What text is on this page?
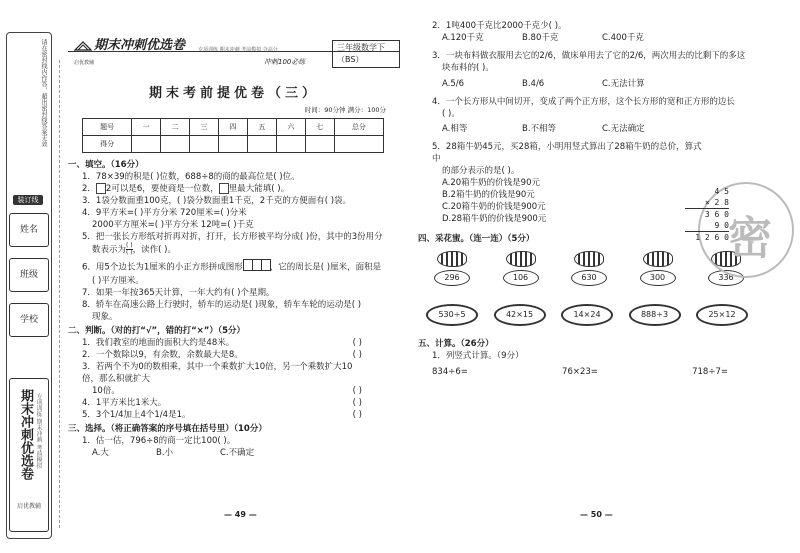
请在密封线内作答，超出密封线答案无效
装订线
姓名
班级
学校
期末冲刺优选卷 专项训练 期末冲刺 考前模拟
启优教辅
期末冲刺优选卷
启优教辅
专项训练 期末冲刺 考前模拟 夺高分	三年级数学下（BS）
冲刺100必练
期末考前提优卷（三）
时间：90分钟 满分：100分
题号	一	二	三	四	五	六	七	总分
得分								
一、填空。（16分）
1．78×39的积是( )位数，688÷8的商的最高位是( )位。
2． 2可以是6，要使商是一位数， 里最大能填( )。
3．1袋分数面重100克，( )袋分数面重1千克，2千克的方便面有( )袋。
4．9平方米=( )平方分米 720厘米=( )分米
2000平方厘米=( )平方分米 12吨=( )千克
5．把一张长方形纸对折再对折，打开，长方形被平均分成( )份，其中的3份用分
数表示为 ( )
( )，读作( )。
6．用5个边长为1厘米的小正方形拼成图形	，它的周长是( )厘米，面积是
( )平方厘米。
7．如果一年按365天计算，一年大约有( )个星期。
8．轿车在高速公路上行驶时，轿车的运动是( )现象，轿车车轮的运动是( )
现象。
二、判断。（对的打“√”，错的打“×”）（5分）
1．我们教室的地面的面积大约是48米。	( )
2．一个数除以9，有余数，余数最大是8。	( )
3．若两个不为0的数相乘，其中一个乘数扩大10倍，另一个乘数扩大10倍，那么积就扩大
10倍。	( )
4．1平方米比1米大。	( )
5．3个1/4加上4个1/4是1。	( )
三、选择。（将正确答案的序号填在括号里）（10分）
1．估一估，796÷8的商一定比100( )。
A.大	B.小	C.不确定
— 49 —
2．1吨400千克比2000千克少( )。
A.120千克	B.80千克	C.400千克
3．一块布料做衣服用去它的2/6，做床单用去了它的2/6，两次用去的比剩下的多这
块布料的( )。
A.5/6	B.4/6	C.无法计算
4．一个长方形从中间切开，变成了两个正方形，这个长方形的宽和正方形的边长
( )。
A.相等	B.不相等	C.无法确定
5．28箱牛奶45元，买28箱，小明用竖式算出了28箱牛奶的总价，算式中
的部分表示的是( )。
A.20箱牛奶的价钱是90元
B.2箱牛奶的价钱是90元
C.20箱牛奶的价钱是900元
D.28箱牛奶的价钱是900元
四、采花蜜。（连一连）（5分）
296	106	630	300	336
530÷5	42×15	14×24	888÷3	25×12
五、计算。（26分）
1．列竖式计算。（9分）
834÷6=	76×23=	718÷7=
密
4 5
× 2 8
3 6 0
9 0
1 2 6 0
— 50 —
